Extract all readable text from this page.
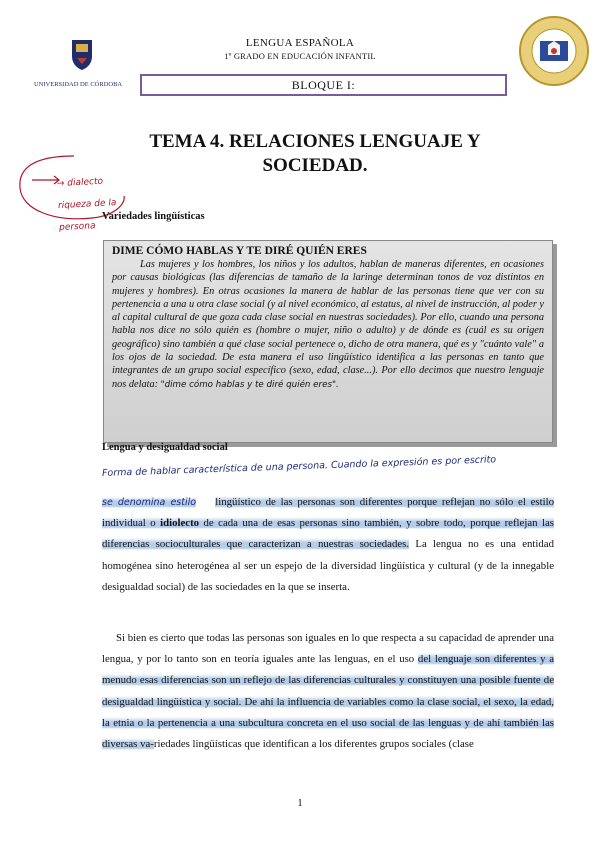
UNIVERSIDAD DE CÓRDOBA
LENGUA ESPAÑOLA
1º GRADO EN EDUCACIÓN INFANTIL
BLOQUE I:
TEMA 4. RELACIONES LENGUAJE Y SOCIEDAD.
→ dialecto riqueza de la persona
Variedades lingüísticas

DIME CÓMO HABLAS Y TE DIRÉ QUIÉN ERES

Las mujeres y los hombres, los niños y los adultos, hablan de maneras diferentes, en ocasiones por causas biológicas (las diferencias de tamaño de la laringe determinan tonos de voz distintos en mujeres y hombres). En otras ocasiones la manera de hablar de las personas tiene que ver con su pertenencia a una u otra clase social (y al nivel económico, al estatus, al nivel de instrucción, al poder y al capital cultural de que goza cada clase social en nuestras sociedades). Por ello, cuando una persona habla nos dice no sólo quién es (hombre o mujer, niño o adulto) y de dónde es (cuál es su origen geográfico) sino también a qué clase social pertenece o, dicho de otra manera, qué es y "cuánto vale" a los ojos de la sociedad. De esta manera el uso lingüístico identifica a las personas en tanto que integrantes de un grupo social específico (sexo, edad, clase...). Por ello decimos que nuestro lenguaje nos delata: "dime cómo hablas y te diré quién eres".

Lengua y desigualdad social
Forma de hablar característica de una persona. Cuando la expresión es por escrito
se denomina estilo lingüístico de las personas son diferentes porque reflejan no sólo el estilo individual o idiolecto de cada una de esas personas sino también, y sobre todo, porque reflejan las diferencias socioculturales que caracterizan a nuestras sociedades. La lengua no es una entidad homogénea sino heterogénea al ser un espejo de la diversidad lingüística y cultural (y de la innegable desigualdad social) de las sociedades en la que se inserta.
Si bien es cierto que todas las personas son iguales en lo que respecta a su capacidad de aprender una lengua, y por lo tanto son en teoría iguales ante las lenguas, en el uso del lenguaje son diferentes y a menudo esas diferencias son un reflejo de las diferencias culturales y constituyen una posible fuente de desigualdad lingüística y social. De ahí la influencia de variables como la clase social, el sexo, la edad, la etnia o la pertenencia a una subcultura concreta en el uso social de las lenguas y de ahí también las diversas va-riedades lingüísticas que identifican a los diferentes grupos sociales (clase
1
